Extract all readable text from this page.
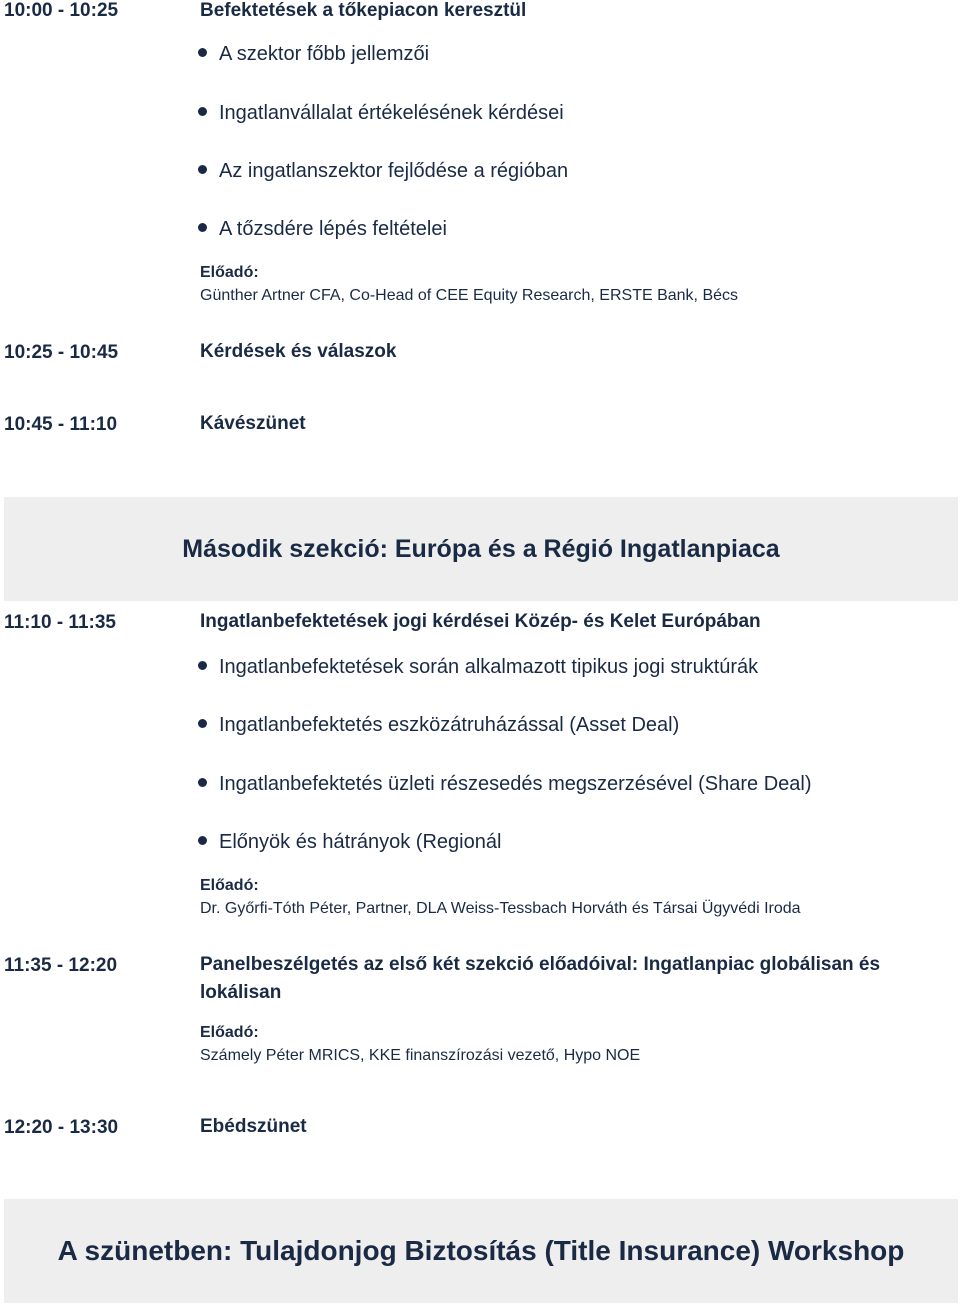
10:00 - 10:25	Befektetések a tőkepiacon keresztül
A szektor főbb jellemzői
Ingatlanvállalat értékelésének kérdései
Az ingatlanszektor fejlődése a régióban
A tőzsdére lépés feltételei
Előadó:
Günther Artner CFA, Co-Head of CEE Equity Research, ERSTE Bank, Bécs
10:25 - 10:45	Kérdések és válaszok
10:45 - 11:10	Kávészünet
Második szekció: Európa és a Régió Ingatlanpiaca
11:10 - 11:35	Ingatlanbefektetések jogi kérdései Közép- és Kelet Európában
Ingatlanbefektetések során alkalmazott tipikus jogi struktúrák
Ingatlanbefektetés eszközátruházással (Asset Deal)
Ingatlanbefektetés üzleti részesedés megszerzésével (Share Deal)
Előnyök és hátrányok (Regionál
Előadó:
Dr. Győrfi-Tóth Péter, Partner, DLA Weiss-Tessbach Horváth és Társai Ügyvédi Iroda
11:35 - 12:20	Panelbeszélgetés az első két szekció előadóival: Ingatlanpiac globálisan és lokálisan
Előadó:
Számely Péter MRICS, KKE finanszírozási vezető, Hypo NOE
12:20 - 13:30	Ebédszünet
A szünetben: Tulajdonjog Biztosítás (Title Insurance) Workshop
